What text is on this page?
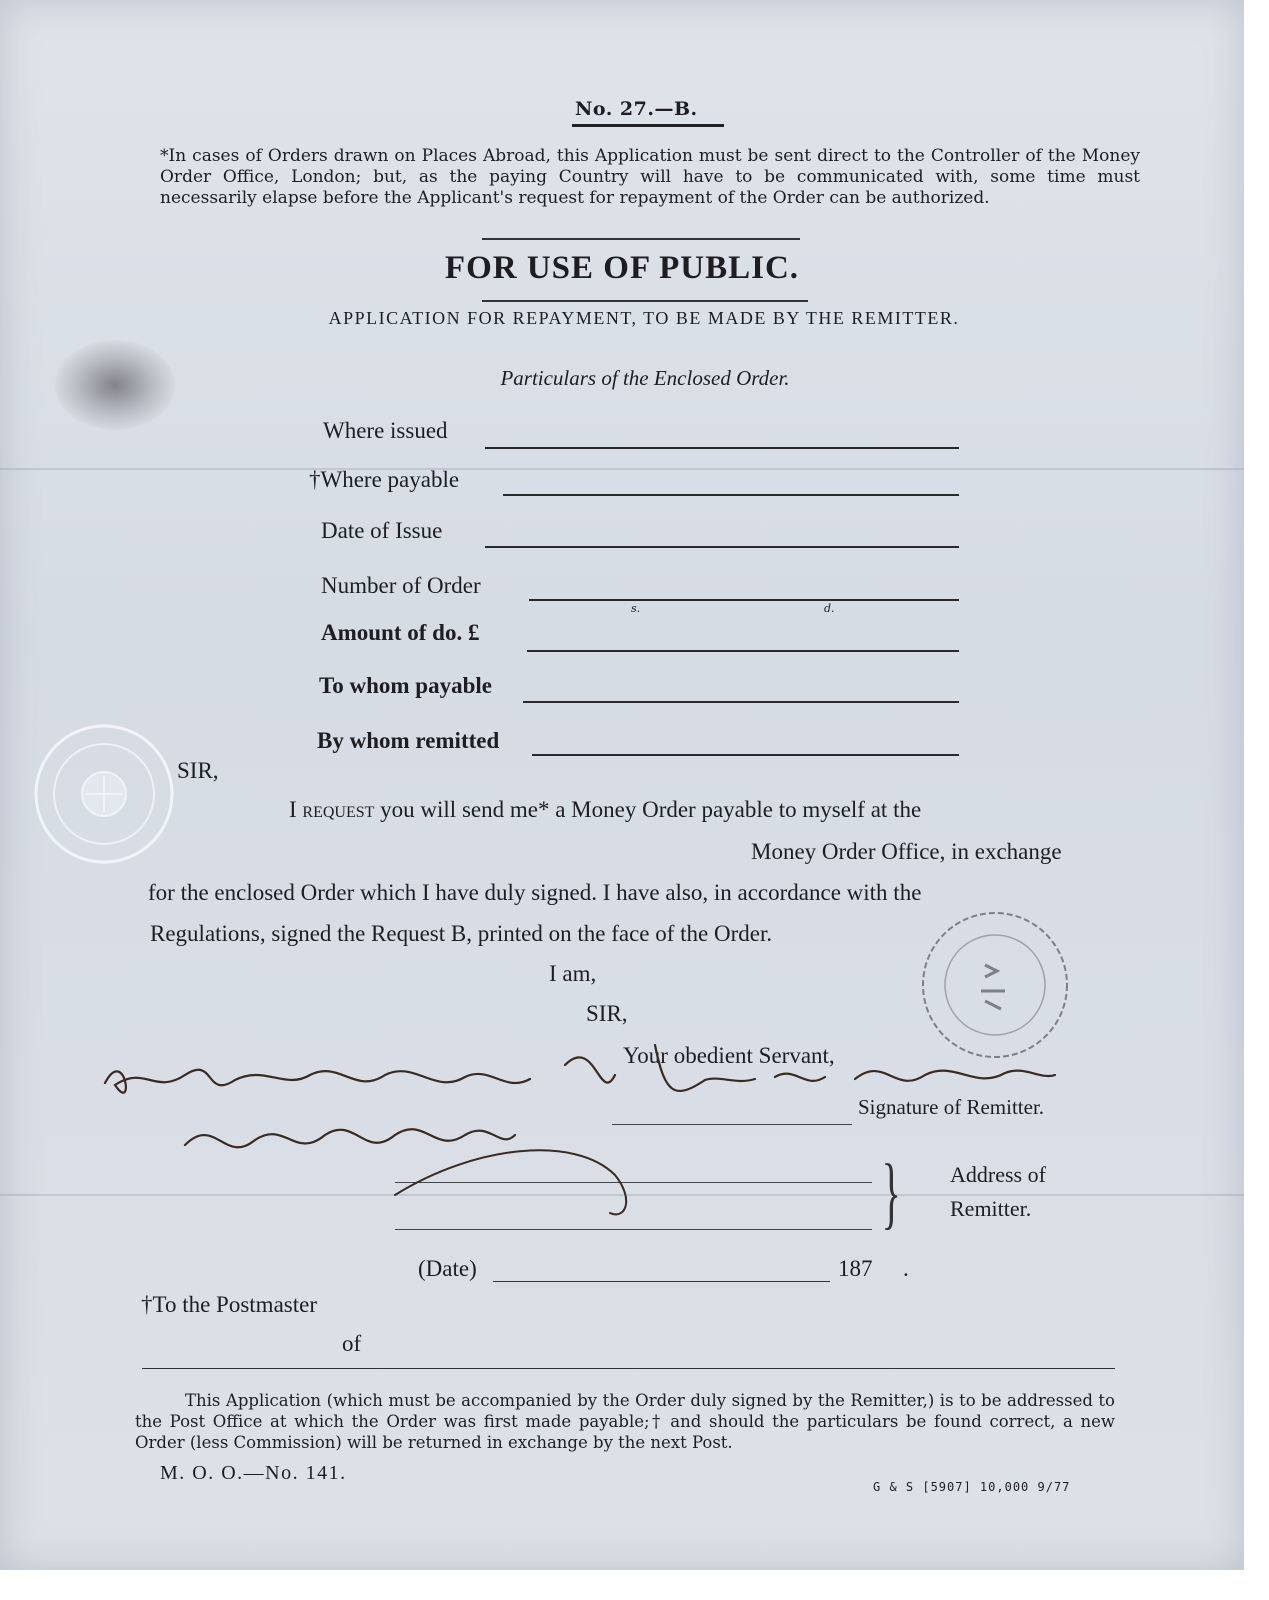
No. 27.—B.
*In cases of Orders drawn on Places Abroad, this Application must be sent direct to the Controller of the Money Order Office, London; but, as the paying Country will have to be communicated with, some time must necessarily elapse before the Applicant's request for repayment of the Order can be authorized.
FOR USE OF PUBLIC.
APPLICATION FOR REPAYMENT, TO BE MADE BY THE REMITTER.
Particulars of the Enclosed Order.
Where issued
†Where payable
Date of Issue
Number of Order
s.	d.
Amount of do. £
To whom payable
By whom remitted
SIR,
I request you will send me* a Money Order payable to myself at the
Money Order Office, in exchange
for the enclosed Order which I have duly signed. I have also, in accordance with the
Regulations, signed the Request B, printed on the face of the Order.
I am,
SIR,
Your obedient Servant,
Signature of Remitter.
} Address of
Remitter.
(Date)	187 .
†To the Postmaster
of
This Application (which must be accompanied by the Order duly signed by the Remitter,) is to be addressed to the Post Office at which the Order was first made payable;† and should the particulars be found correct, a new Order (less Commission) will be returned in exchange by the next Post.
M. O. O.—No. 141.
G & S [5907] 10,000 9/77
